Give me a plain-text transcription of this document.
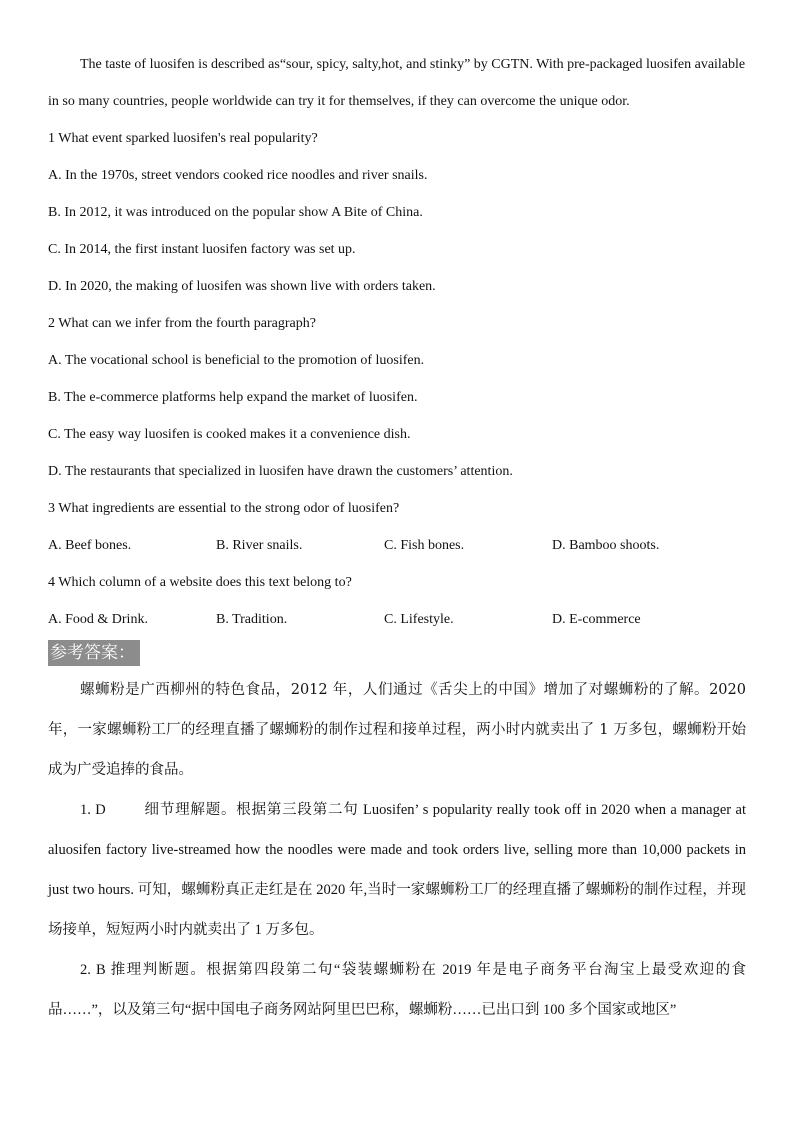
The taste of luosifen is described as“sour, spicy, salty,hot, and stinky” by CGTN. With pre-packaged luosifen available in so many countries, people worldwide can try it for themselves, if they can overcome the unique odor.

1 What event sparked luosifen's real popularity?

A. In the 1970s, street vendors cooked rice noodles and river snails.

B. In 2012, it was introduced on the popular show A Bite of China.

C. In 2014, the first instant luosifen factory was set up.

D. In 2020, the making of luosifen was shown live with orders taken.

2 What can we infer from the fourth paragraph?

A. The vocational school is beneficial to the promotion of luosifen.

B. The e-commerce platforms help expand the market of luosifen.

C. The easy way luosifen is cooked makes it a convenience dish.

D. The restaurants that specialized in luosifen have drawn the customers’ attention.

3 What ingredients are essential to the strong odor of luosifen?

A. Beef bones.	B. River snails.	C. Fish bones.	D. Bamboo shoots.

4 Which column of a website does this text belong to?

A. Food & Drink.	B. Tradition.	C. Lifestyle.	D. E-commerce
参考答案：

螺蛳粉是广西柳州的特色食品，2012 年，人们通过《舌尖上的中国》增加了对螺蛳粉的了解。2020 年，一家螺蛳粉工厂的经理直播了螺蛳粉的制作过程和接单过程，两小时内就卖出了 1 万多包，螺蛳粉开始成为广受追捧的食品。

1. D	细节理解题。根据第三段第二句 Luosifen’ s popularity really took off in 2020 when a manager at aluosifen factory live-streamed how the noodles were made and took orders live, selling more than 10,000 packets in just two hours. 可知，螺蛳粉真正走红是在 2020 年,当时一家螺蛳粉工厂的经理直播了螺蛳粉的制作过程，并现场接单，短短两小时内就卖出了 1 万多包。

2. B 推理判断题。根据第四段第二句“袋装螺蛳粉在 2019 年是电子商务平台淘宝上最受欢迎的食品……”，以及第三句“据中国电子商务网站阿里巴巴称，螺蛳粉……已出口到 100 多个国家或地区”
